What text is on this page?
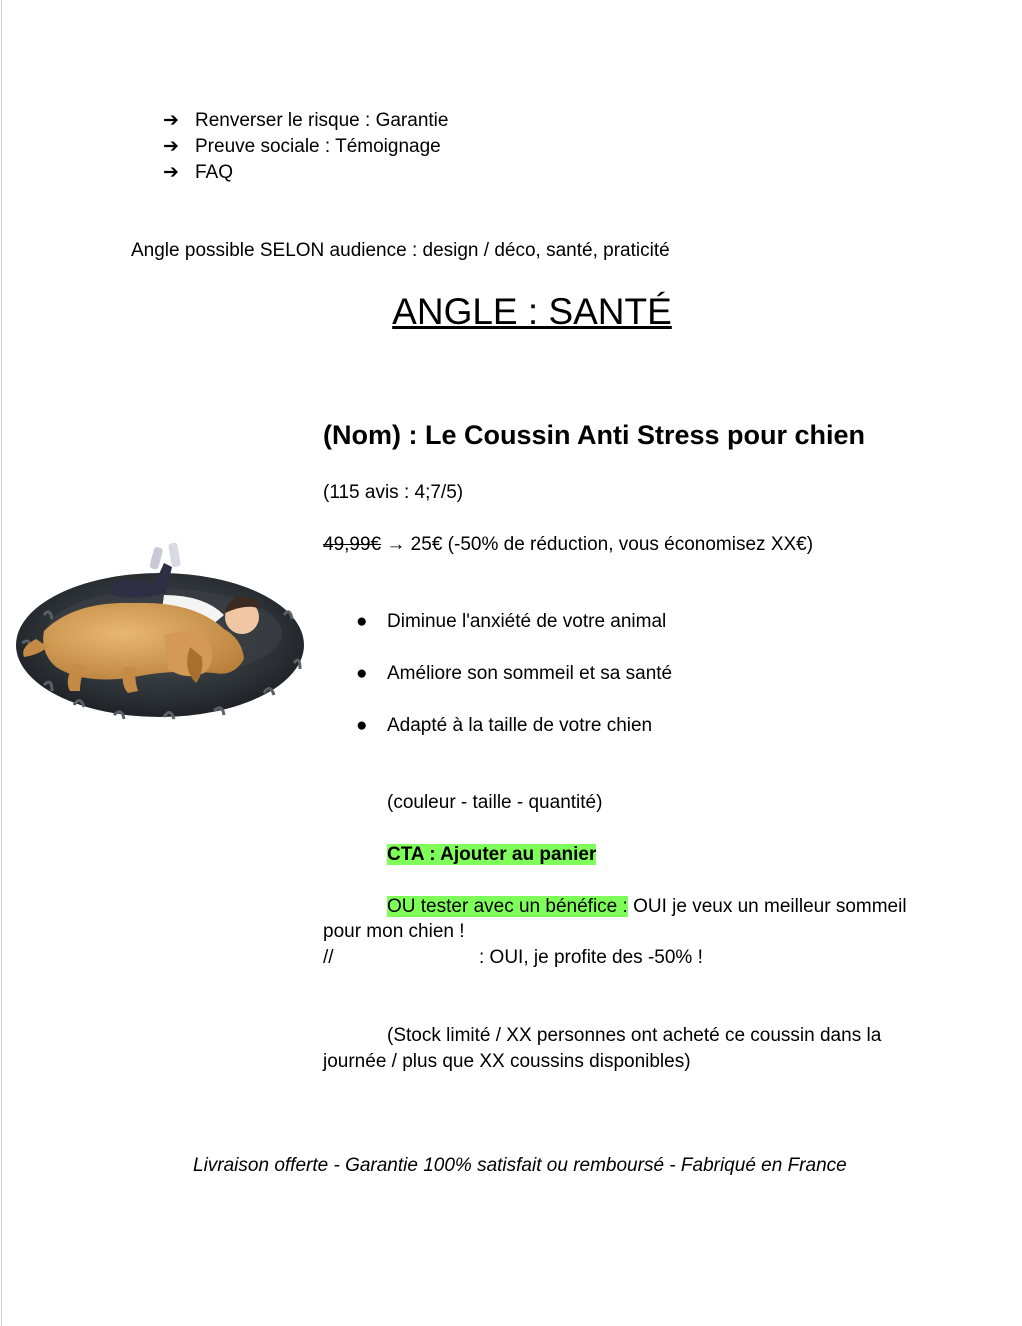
➔ Renverser le risque : Garantie
➔ Preuve sociale : Témoignage
➔ FAQ
Angle possible SELON audience : design / déco, santé, praticité
ANGLE : SANTÉ
(Nom) : Le Coussin Anti Stress pour chien
(115 avis : 4;7/5)
49,99€ → 25€ (-50% de réduction, vous économisez XX€)
● Diminue l'anxiété de votre animal
● Améliore son sommeil et sa santé
● Adapté à la taille de votre chien
(couleur - taille - quantité)
CTA : Ajouter au panier
OU tester avec un bénéfice : OUI je veux un meilleur sommeil
pour mon chien !
//	: OUI, je profite des -50% !
(Stock limité / XX personnes ont acheté ce coussin dans la
journée / plus que XX coussins disponibles)
Livraison offerte - Garantie 100% satisfait ou remboursé - Fabriqué en France
